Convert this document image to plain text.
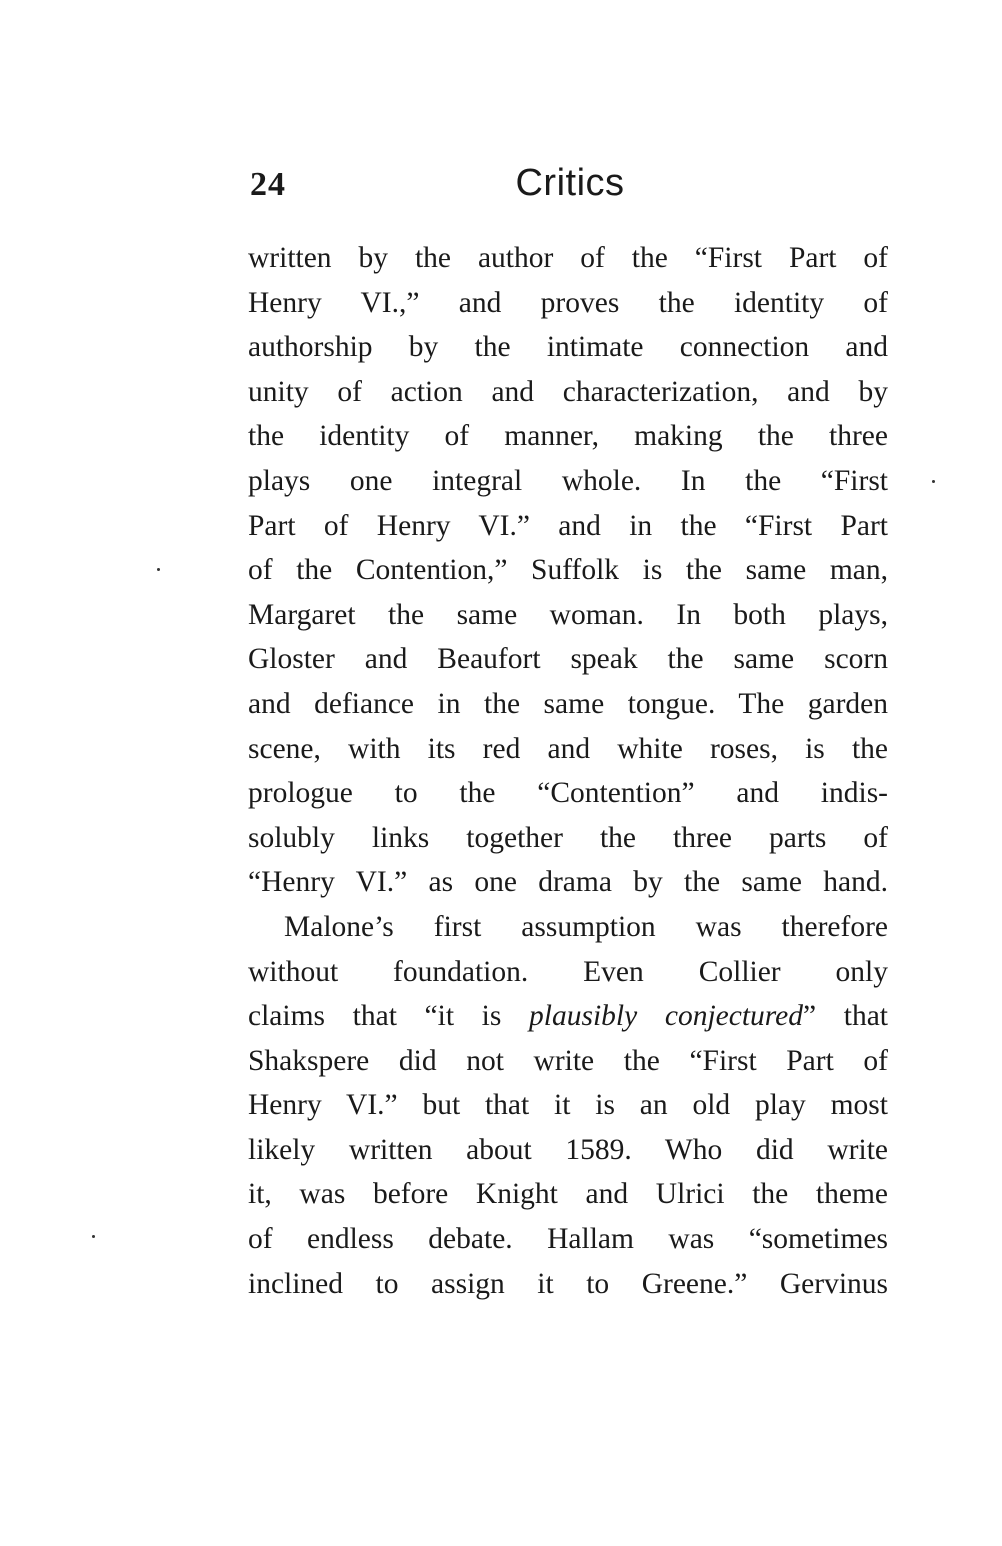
24	Critics
written by the author of the “First Part of
Henry VI.,” and proves the identity of
authorship by the intimate connection and
unity of action and characterization, and by
the identity of manner, making the three
plays one integral whole. In the “First
Part of Henry VI.” and in the “First Part
of the Contention,” Suffolk is the same man,
Margaret the same woman. In both plays,
Gloster and Beaufort speak the same scorn
and defiance in the same tongue. The garden
scene, with its red and white roses, is the
prologue to the “Contention” and indis-
solubly links together the three parts of
“Henry VI.” as one drama by the same hand.
Malone’s first assumption was therefore
without foundation. Even Collier only
claims that “it is plausibly conjectured” that
Shakspere did not write the “First Part of
Henry VI.” but that it is an old play most
likely written about 1589. Who did write
it, was before Knight and Ulrici the theme
of endless debate. Hallam was “sometimes
inclined to assign it to Greene.” Gervinus
